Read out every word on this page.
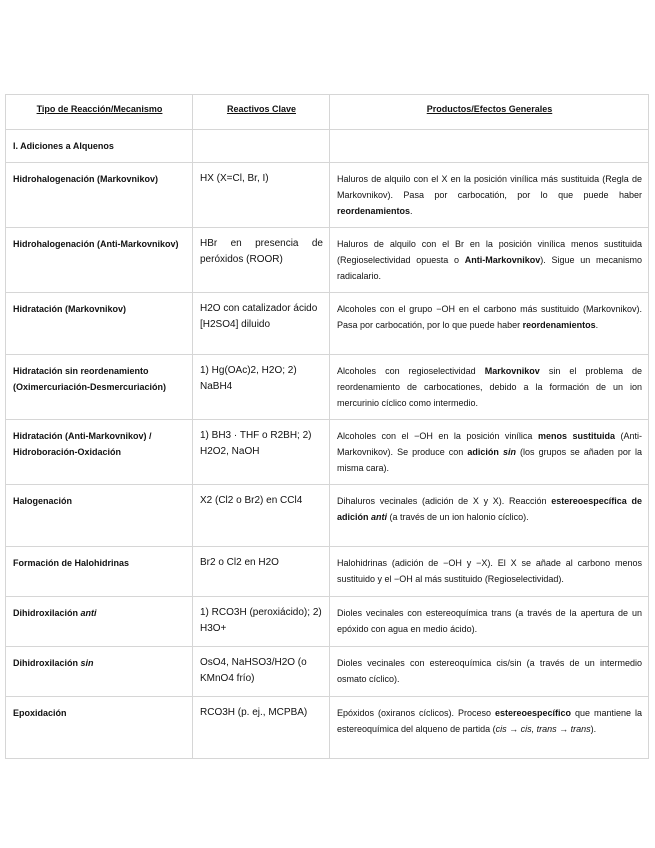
Tipo de Reacción/Mecanismo	Reactivos Clave	Productos/Efectos Generales
I. Adiciones a Alquenos		
Hidrohalogenación (Markovnikov)	HX (X=Cl, Br, I)	Haluros de alquilo con el X en la posición vinílica más sustituida (Regla de Markovnikov). Pasa por carbocatión, por lo que puede haber reordenamientos.
Hidrohalogenación (Anti-Markovnikov)	HBr en presencia de peróxidos (ROOR)	Haluros de alquilo con el Br en la posición vinílica menos sustituida (Regioselectividad opuesta o Anti-Markovnikov). Sigue un mecanismo radicalario.
Hidratación (Markovnikov)	H2O con catalizador ácido [H2SO4] diluido	Alcoholes con el grupo −OH en el carbono más sustituido (Markovnikov). Pasa por carbocatión, por lo que puede haber reordenamientos.
Hidratación sin reordenamiento (Oximercuriación-Desmercuriación)	1) Hg(OAc)2, H2O; 2) NaBH4	Alcoholes con regioselectividad Markovnikov sin el problema de reordenamiento de carbocationes, debido a la formación de un ion mercurinio cíclico como intermedio.
Hidratación (Anti-Markovnikov) / Hidroboración-Oxidación	1) BH3 · THF o R2BH; 2) H2O2, NaOH	Alcoholes con el −OH en la posición vinílica menos sustituida (Anti-Markovnikov). Se produce con adición sin (los grupos se añaden por la misma cara).
Halogenación	X2 (Cl2 o Br2) en CCl4	Dihaluros vecinales (adición de X y X). Reacción estereoespecífica de adición anti (a través de un ion halonio cíclico).
Formación de Halohidrinas	Br2 o Cl2 en H2O	Halohidrinas (adición de −OH y −X). El X se añade al carbono menos sustituido y el −OH al más sustituido (Regioselectividad).
Dihidroxilación anti	1) RCO3H (peroxiácido); 2) H3O+	Dioles vecinales con estereoquímica trans (a través de la apertura de un epóxido con agua en medio ácido).
Dihidroxilación sin	OsO4, NaHSO3/H2O (o KMnO4 frío)	Dioles vecinales con estereoquímica cis/sin (a través de un intermedio osmato cíclico).
Epoxidación	RCO3H (p. ej., MCPBA)	Epóxidos (oxiranos cíclicos). Proceso estereoespecífico que mantiene la estereoquímica del alqueno de partida (cis → cis, trans → trans).
